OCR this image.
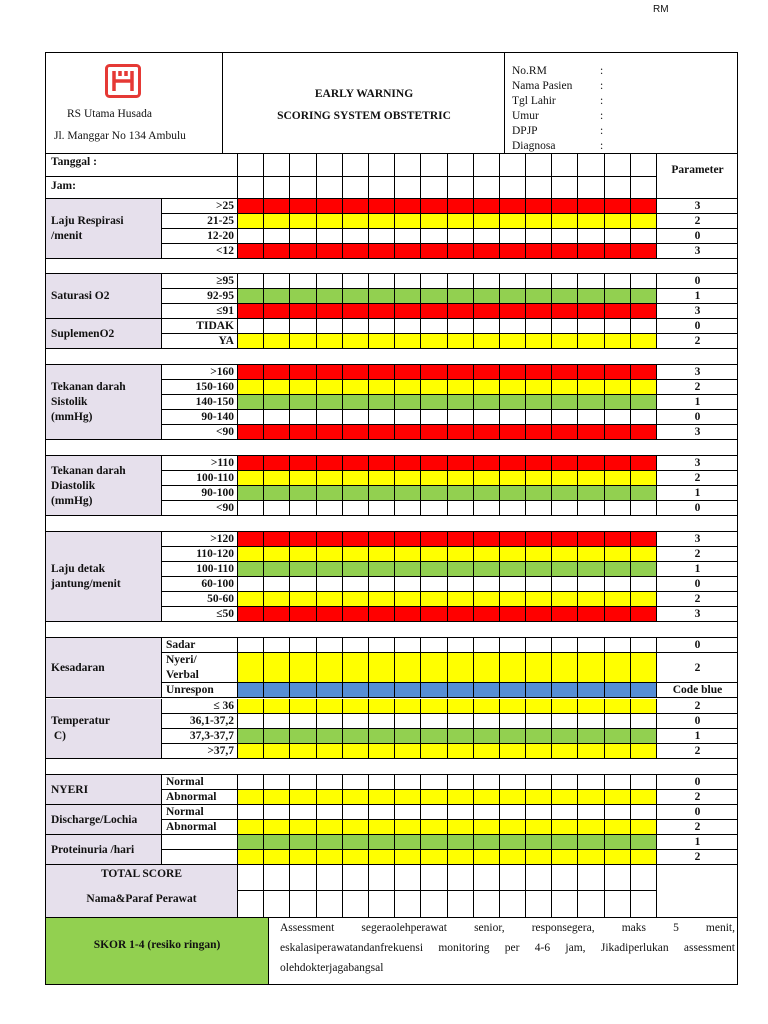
RM
RS Utama Husada
Jl. Manggar No 134 Ambulu
EARLY WARNING
SCORING SYSTEM OBSTETRIC
No.RM	:
Nama Pasien :
Tgl Lahir	:
Umur	:
DPJP	:
Diagnosa	:
Tanggal :
Jam:
Parameter
Laju Respirasi
/menit
>25	3
21-25	2
12-20	0
<12	3
Saturasi O2
≥95	0
92-95	1
≤91	3
SuplemenO2
TIDAK	0
YA	2
Tekanan darah
Sistolik
(mmHg)
>160	3
150-160	2
140-150	1
90-140	0
<90	3
Tekanan darah
Diastolik
(mmHg)
>110	3
100-110	2
90-100	1
<90	0
Laju detak
jantung/menit
>120	3
110-120	2
100-110	1
60-100	0
50-60	2
≤50	3
Kesadaran
Sadar	0
Nyeri/
Verbal
2
Unrespon	Code blue
Temperatur
C)
≤ 36	2
36,1-37,2	0
37,3-37,7	1
>37,7	2
NYERI
Normal	0
Abnormal	2
Discharge/Lochia
Normal	0
Abnormal	2
Proteinuria /hari
1
2
TOTAL SCORE
Nama&Paraf Perawat
SKOR 1-4 (resiko ringan)
Assessment segeraolehperawat senior, responsegera, maks 5 menit, eskalasiperawatandanfrekuensi monitoring per 4-6 jam, Jikadiperlukan assessment olehdokterjagabangsal
